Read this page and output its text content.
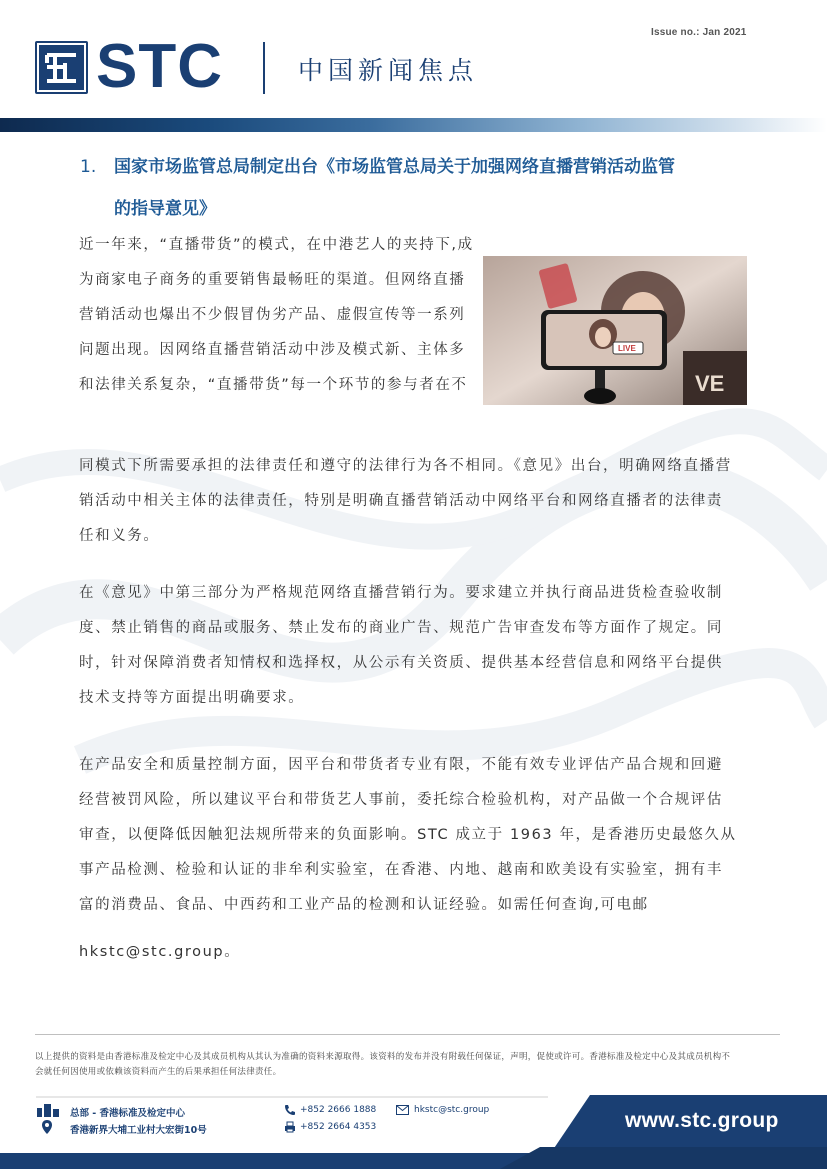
Issue no.: Jan 2021
STC	中国新闻焦点
1. 国家市场监管总局制定出台《市场监管总局关于加强网络直播营销活动监管
的指导意见》
VE
LIVE
近一年来，“直播带货”的模式，在中港艺人的夹持下,成
为商家电子商务的重要销售最畅旺的渠道。但网络直播
营销活动也爆出不少假冒伪劣产品、虚假宣传等一系列
问题出现。因网络直播营销活动中涉及模式新、主体多
和法律关系复杂，“直播带货”每一个环节的参与者在不
同模式下所需要承担的法律责任和遵守的法律行为各不相同。《意见》出台，明确网络直播营
销活动中相关主体的法律责任，特别是明确直播营销活动中网络平台和网络直播者的法律责
任和义务。
在《意见》中第三部分为严格规范网络直播营销行为。要求建立并执行商品进货检查验收制
度、禁止销售的商品或服务、禁止发布的商业广告、规范广告审查发布等方面作了规定。同
时，针对保障消费者知情权和选择权，从公示有关资质、提供基本经营信息和网络平台提供
技术支持等方面提出明确要求。
在产品安全和质量控制方面，因平台和带货者专业有限，不能有效专业评估产品合规和回避
经营被罚风险，所以建议平台和带货艺人事前，委托综合检验机构，对产品做一个合规评估
审查，以便降低因触犯法规所带来的负面影响。STC 成立于 1963 年，是香港历史最悠久从
事产品检测、检验和认证的非牟利实验室，在香港、内地、越南和欧美设有实验室，拥有丰
富的消费品、食品、中西药和工业产品的检测和认证经验。如需任何查询,可电邮
hkstc@stc.group。
以上提供的资料是由香港标准及检定中心及其成员机构从其认为准确的资料来源取得。该资料的发布并没有附载任何保证，声明，促使或许可。香港标准及检定中心及其成员机构不会就任何因使用或依赖该资料而产生的后果承担任何法律责任。
总部 - 香港标准及检定中心
香港新界大埔工业村大宏街10号
+852 2666 1888
+852 2664 4353
hkstc@stc.group	www.stc.group
